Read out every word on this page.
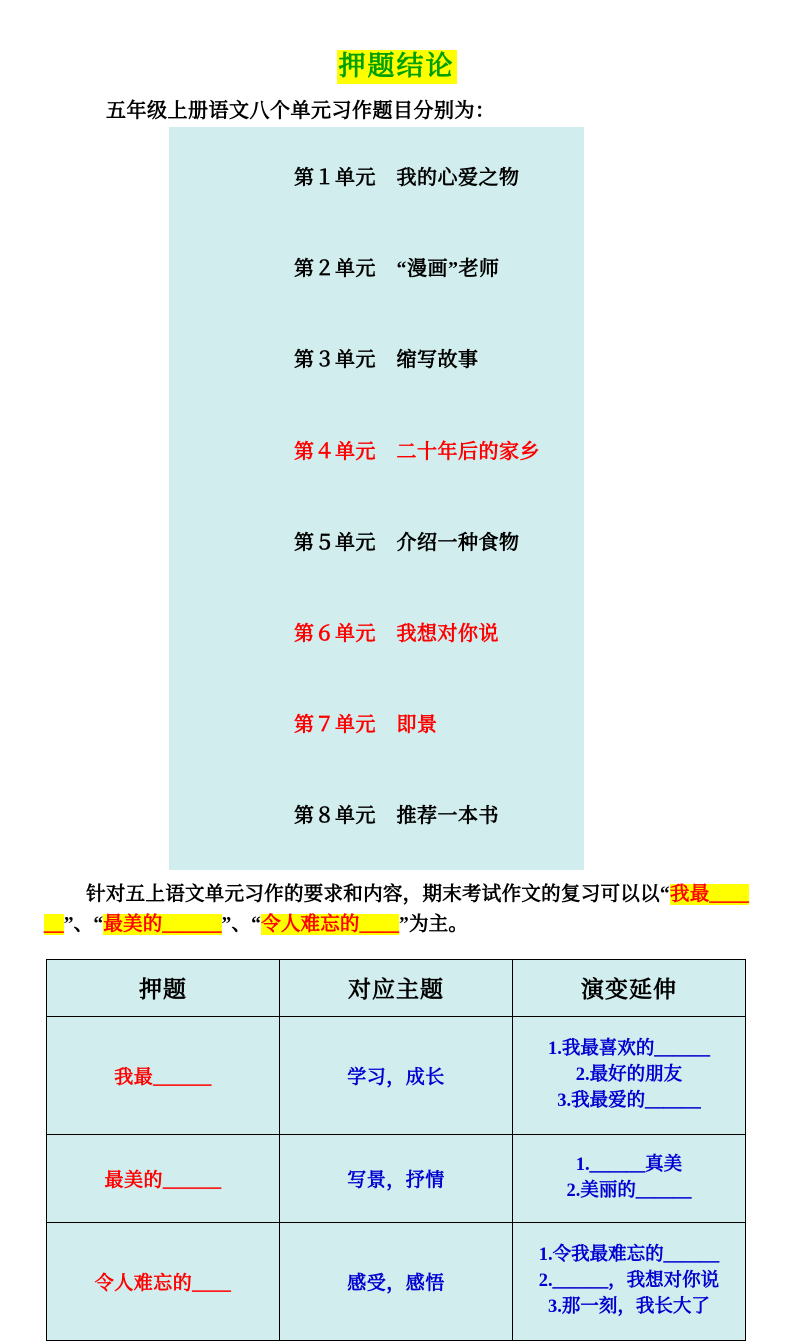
押题结论
五年级上册语文八个单元习作题目分别为：

第１单元　 我的心爱之物

第２单元　 “漫画”老师

第３单元　 缩写故事

第４单元　 二十年后的家乡

第５单元　 介绍一种食物

第６单元　 我想对你说

第７单元　 即景

第８单元　 推荐一本书

针对五上语文单元习作的要求和内容，期末考试作文的复习可以以“我最＿＿＿”、“最美的＿＿＿”、“令人难忘的＿＿”为主。
押题	对应主题	演变延伸
我最＿＿＿	学习，成长	1.我最喜欢的＿＿＿
2.最好的朋友
3.我最爱的＿＿＿

最美的＿＿＿	写景，抒情	1.＿＿＿真美
2.美丽的＿＿＿

令人难忘的＿＿	感受，感悟	1.令我最难忘的＿＿＿
2.＿＿＿，我想对你说
3.那一刻，我长大了
